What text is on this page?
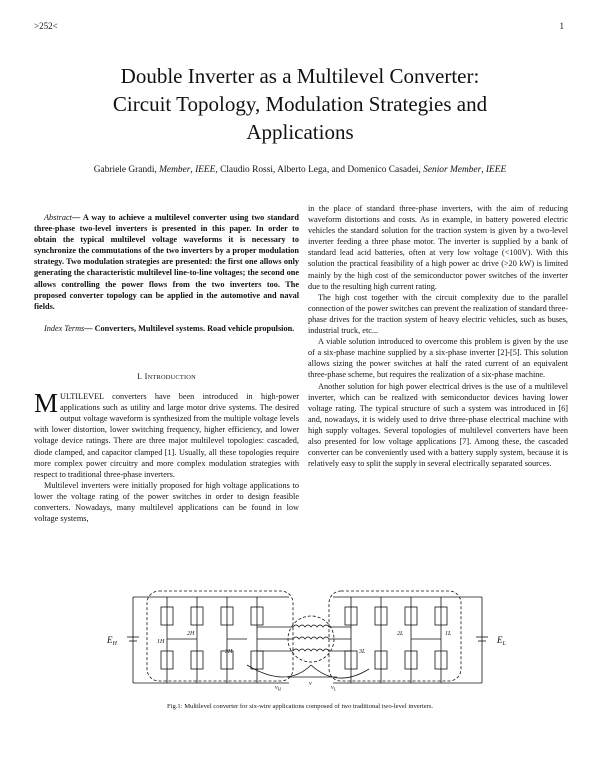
>252<	1
Double Inverter as a Multilevel Converter:
Circuit Topology, Modulation Strategies and
Applications
Gabriele Grandi, Member, IEEE, Claudio Rossi, Alberto Lega, and Domenico Casadei, Senior Member, IEEE

Abstract— A way to achieve a multilevel converter using two standard three-phase two-level inverters is presented in this paper. In order to obtain the typical multilevel voltage waveforms it is necessary to synchronize the commutations of the two inverters by a proper modulation strategy. Two modulation strategies are presented: the first one allows only generating the characteristic multilevel line-to-line voltages; the second one allows controlling the power flows from the two inverters too. The proposed converter topology can be applied in the automotive and naval fields.

Index Terms— Converters, Multilevel systems. Road vehicle propulsion.

I. INTRODUCTION

MULTILEVEL converters have been introduced in high-power applications such as utility and large motor drive systems. The desired output voltage waveform is synthesized from the multiple voltage levels with lower distortion, lower switching frequency, higher efficiency, and lower voltage device ratings. There are three major multilevel topologies: cascaded, diode clamped, and capacitor clamped [1]. Usually, all these topologies require more complex power circuitry and more complex modulation strategies with respect to traditional three-phase inverters.

Multilevel inverters were initially proposed for high voltage applications to lower the voltage rating of the power switches in order to design feasible converters. Nowadays, many multilevel applications can be found in low voltage systems,

in the place of standard three-phase inverters, with the aim of reducing waveform distortions and costs. As in example, in battery powered electric vehicles the standard solution for the traction system is given by a two-level inverter feeding a three phase motor. The inverter is supplied by a bank of standard lead acid batteries, often at very low voltage (<100V). With this solution the practical feasibility of a high power ac drive (>20 kW) is limited mainly by the high cost of the semiconductor power switches of the inverter due to the resulting high current rating.

The high cost together with the circuit complexity due to the parallel connection of the power switches can prevent the realization of standard three-phase drives for the traction system of heavy electric vehicles, such as buses, industrial truck, etc...

A viable solution introduced to overcome this problem is given by the use of a six-phase machine supplied by a six-phase inverter [2]-[5]. This solution allows sizing the power switches at half the rated current of an equivalent three-phase scheme, but requires the realization of a six-phase machine.

Another solution for high power electrical drives is the use of a multilevel inverter, which can be realized with semiconductor devices having lower voltage rating. The typical structure of such a system was introduced in [6] and, nowadays, it is widely used to drive three-phase electrical machine with high supply voltages. Several topologies of multilevel converters have been also presented for low voltage applications [7]. Among these, the cascaded converter can be conveniently used with a battery supply system, because it is relatively easy to split the supply in several electrically separated sources.

$E_H$	$E_L$
1H
2H
3H	3L
2L	1L
$v_H$
v
$v_L$
Fig.1: Multilevel converter for six-wire applications composed of two traditional two-level inverters.
